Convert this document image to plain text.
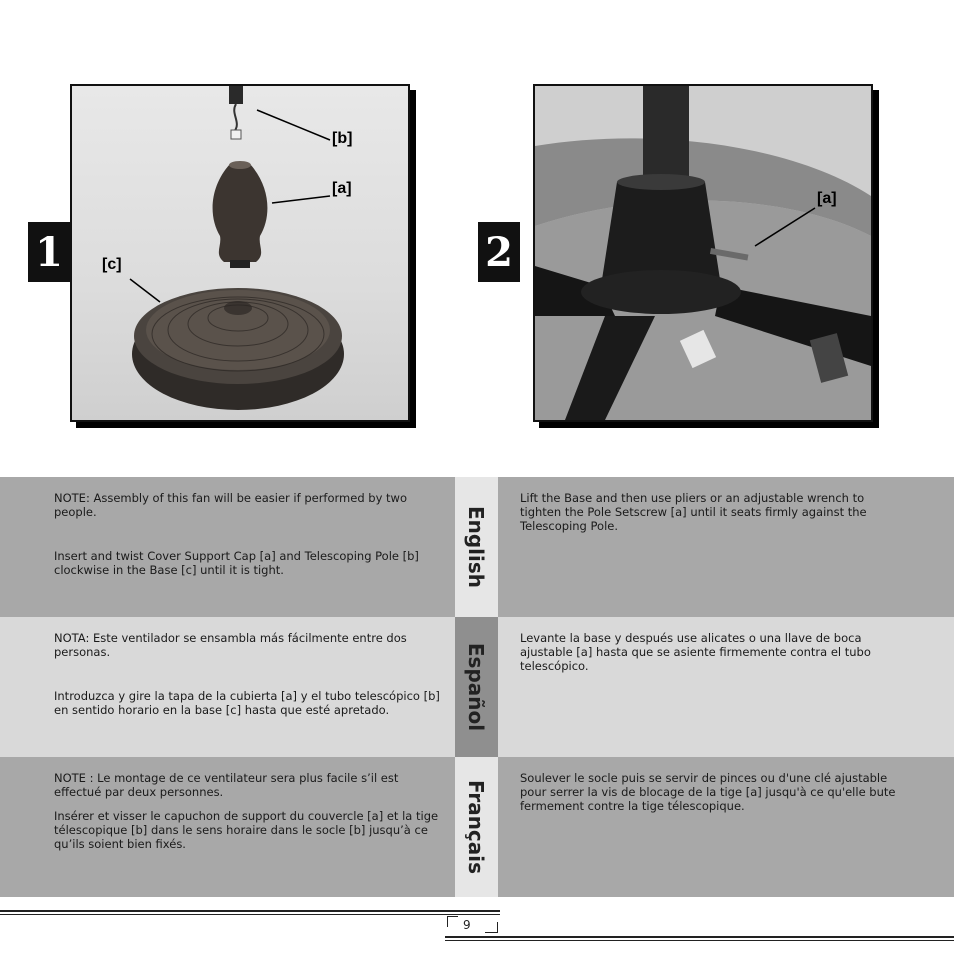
1
[b]
[a]
[c]	2
[a]

NOTE: Assembly of this fan will be easier if performed by two people.

Insert and twist Cover Support Cap [a] and Telescoping Pole [b] clockwise in the Base [c] until it is tight.	English

Lift the Base and then use pliers or an adjustable wrench to tighten the Pole Setscrew [a] until it seats firmly against the Telescoping Pole.

NOTA: Este ventilador se ensambla más fácilmente entre dos personas.

Introduzca y gire la tapa de la cubierta [a] y el tubo telescópico [b] en sentido horario en la base [c] hasta que esté apretado.	Español

Levante la base y después use alicates o una llave de boca ajustable [a] hasta que se asiente firmemente contra el tubo telescópico.

NOTE : Le montage de ce ventilateur sera plus facile s’il est effectué par deux personnes.

Insérer et visser le capuchon de support du couvercle [a] et la tige télescopique [b] dans le sens horaire dans le socle [b] jusqu’à ce qu’ils soient bien fixés.	Français

Soulever le socle puis se servir de pinces ou d'une clé ajustable pour serrer la vis de blocage de la tige [a] jusqu'à ce qu'elle bute fermement contre la tige télescopique.

9
